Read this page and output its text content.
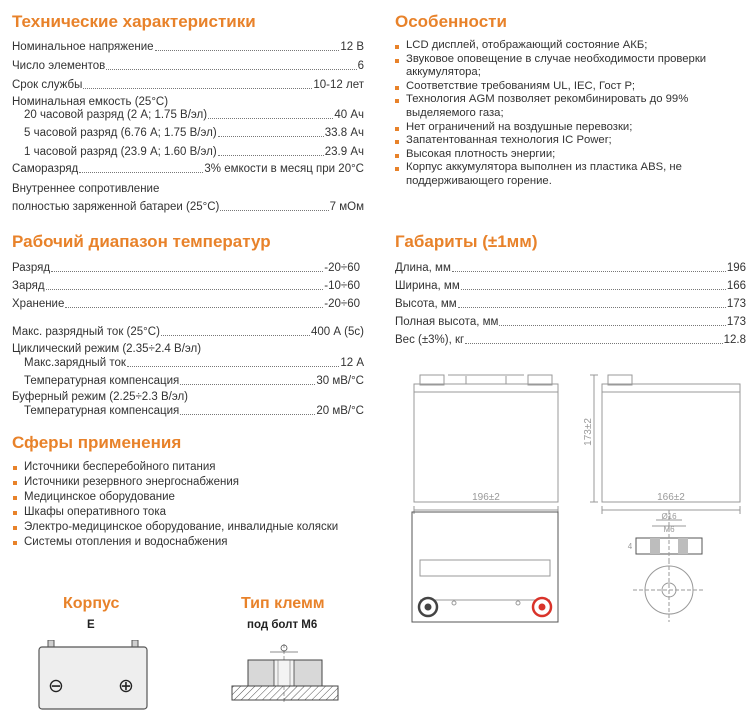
Технические характеристики
Номинальное напряжение	12 В
Число элементов	6
Срок службы	10-12 лет
Номинальная емкость (25°C)
20 часовой разряд (2 А; 1.75 В/эл)	40 Ач
5 часовой разряд (6.76 А; 1.75 В/эл)	33.8 Ач
1 часовой разряд (23.9 А; 1.60 В/эл)	23.9 Ач
Саморазряд	3% емкости в месяц при 20°С
Внутреннее сопротивление
полностью заряженной батареи (25°С)	7 мОм
Рабочий диапазон температур
Разряд	-20÷60
Заряд	-10÷60
Хранение	-20÷60
Макс. разрядный ток (25°С)	400 А (5с)
Циклический режим (2.35÷2.4 В/эл)
Макс.зарядный ток	12 А
Температурная компенсация	30 мВ/°С
Буферный режим (2.25÷2.3 В/эл)
Температурная компенсация	20 мВ/°С
Сферы применения
Источники бесперебойного питания
Источники резервного энергоснабжения
Медицинское оборудование
Шкафы оперативного тока
Электро-медицинское оборудование, инвалидные коляски
Системы отопления и водоснабжения
Корпус
E
⊖	⊕
Тип клемм
под болт М6
Особенности
LCD дисплей, отображающий состояние АКБ;
Звуковое оповещение в случае необходимости проверки аккумулятора;
Соответствие требованиям UL, IEC, Гост Р;
Технология AGM позволяет рекомбинировать до 99% выделяемого газа;
Нет ограничений на воздушные перевозки;
Запатентованная технология IC Power;
Высокая плотность энергии;
Корпус аккумулятора выполнен из пластика ABS, не поддерживающего горение.
Габариты (±1мм)
Длина, мм	196
Ширина, мм	166
Высота, мм	173
Полная высота, мм	173
Вес (±3%), кг	12.8
196±2	166±2
173±2
Ø16
M6
4
